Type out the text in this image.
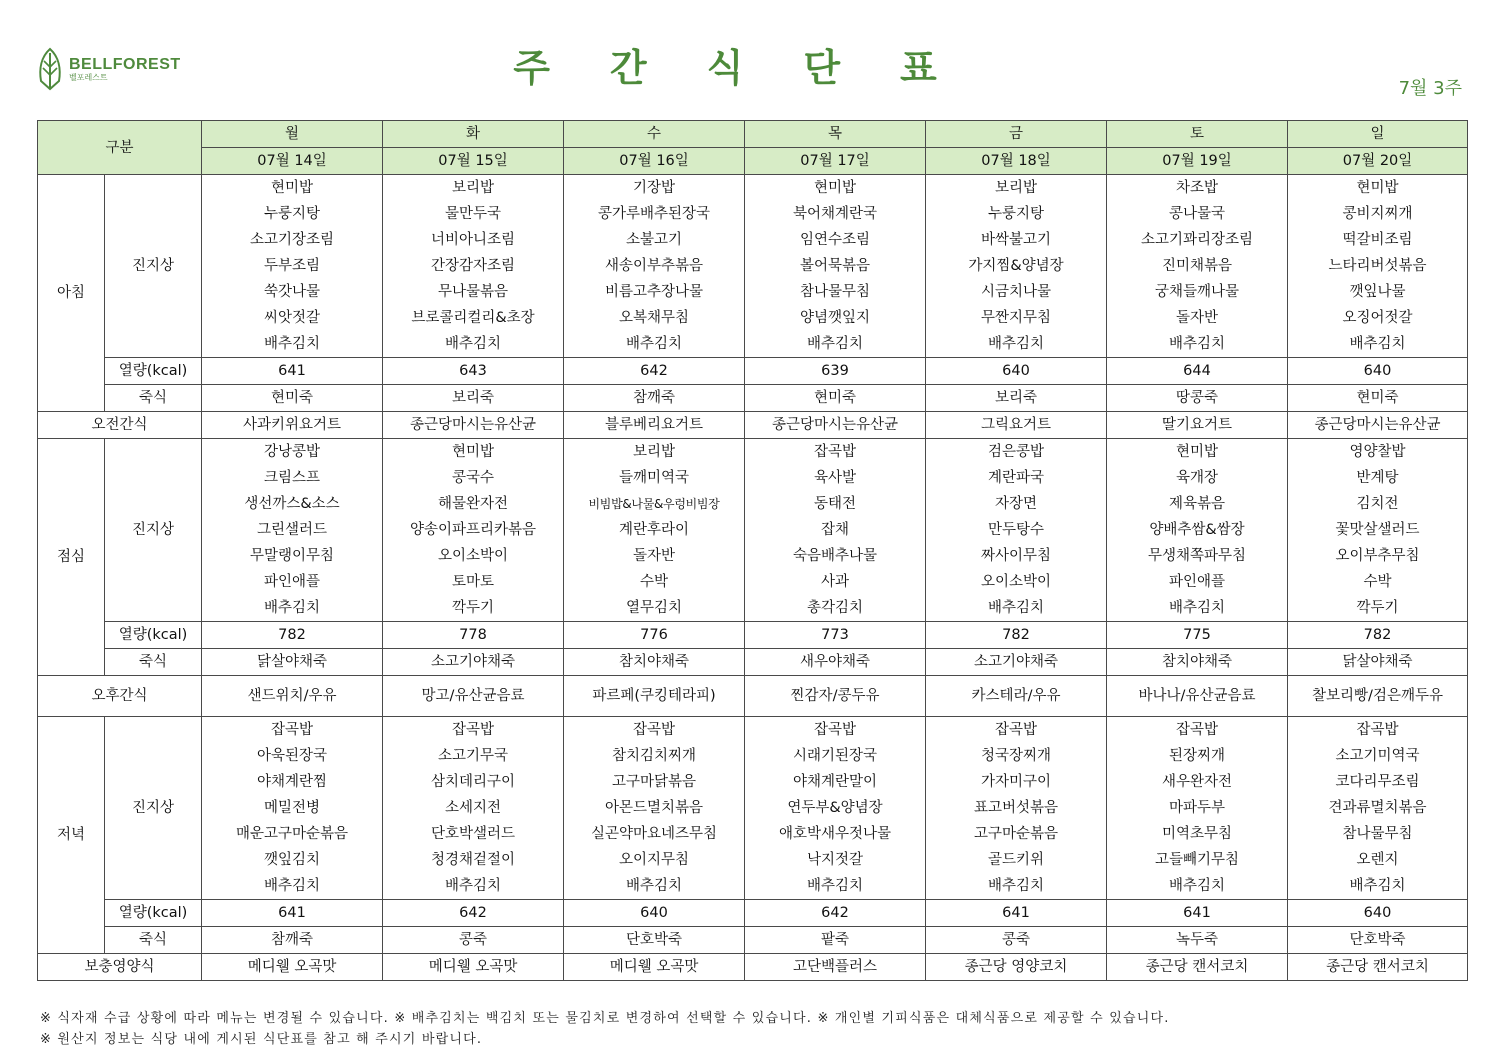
BELLFOREST
벨포레스트	주간식단표	7월 3주
구분		월	화	수	목	금	토	일
		07월 14일	07월 15일	07월 16일	07월 17일	07월 18일	07월 19일	07월 20일
아침	진지상	현미밥	보리밥	기장밥	현미밥	보리밥	차조밥	현미밥
		누룽지탕	물만두국	콩가루배추된장국	북어채계란국	누룽지탕	콩나물국	콩비지찌개
		소고기장조림	너비아니조림	소불고기	임연수조림	바싹불고기	소고기꽈리장조림	떡갈비조림
		두부조림	간장감자조림	새송이부추볶음	볼어묵볶음	가지찜&양념장	진미채볶음	느타리버섯볶음
		쑥갓나물	무나물볶음	비름고추장나물	참나물무침	시금치나물	궁채들깨나물	깻잎나물
		씨앗젓갈	브로콜리컬리&초장	오복채무침	양념깻잎지	무짠지무침	돌자반	오징어젓갈
		배추김치	배추김치	배추김치	배추김치	배추김치	배추김치	배추김치
	열량(kcal)	641	643	642	639	640	644	640
	죽식	현미죽	보리죽	참깨죽	현미죽	보리죽	땅콩죽	현미죽
오전간식		사과키위요거트	종근당마시는유산균	블루베리요거트	종근당마시는유산균	그릭요거트	딸기요거트	종근당마시는유산균
점심	진지상	강낭콩밥	현미밥	보리밥	잡곡밥	검은콩밥	현미밥	영양찰밥
		크림스프	콩국수	들깨미역국	육사발	계란파국	육개장	반계탕
		생선까스&소스	해물완자전	비빔밥&나물&우렁비빔장	동태전	자장면	제육볶음	김치전
		그린샐러드	양송이파프리카볶음	계란후라이	잡채	만두탕수	양배추쌈&쌈장	꽃맛살샐러드
		무말랭이무침	오이소박이	돌자반	숙음배추나물	짜사이무침	무생채쪽파무침	오이부추무침
		파인애플	토마토	수박	사과	오이소박이	파인애플	수박
		배추김치	깍두기	열무김치	총각김치	배추김치	배추김치	깍두기
	열량(kcal)	782	778	776	773	782	775	782
	죽식	닭살야채죽	소고기야채죽	참치야채죽	새우야채죽	소고기야채죽	참치야채죽	닭살야채죽
오후간식		샌드위치/우유	망고/유산균음료	파르페(쿠킹테라피)	찐감자/콩두유	카스테라/우유	바나나/유산균음료	찰보리빵/검은깨두유
저녁	진지상	잡곡밥	잡곡밥	잡곡밥	잡곡밥	잡곡밥	잡곡밥	잡곡밥
		아욱된장국	소고기무국	참치김치찌개	시래기된장국	청국장찌개	된장찌개	소고기미역국
		야채계란찜	삼치데리구이	고구마닭볶음	야채계란말이	가자미구이	새우완자전	코다리무조림
		메밀전병	소세지전	아몬드멸치볶음	연두부&양념장	표고버섯볶음	마파두부	견과류멸치볶음
		매운고구마순볶음	단호박샐러드	실곤약마요네즈무침	애호박새우젓나물	고구마순볶음	미역초무침	참나물무침
		깻잎김치	청경채겉절이	오이지무침	낙지젓갈	골드키위	고들빼기무침	오렌지
		배추김치	배추김치	배추김치	배추김치	배추김치	배추김치	배추김치
	열량(kcal)	641	642	640	642	641	641	640
	죽식	참깨죽	콩죽	단호박죽	팥죽	콩죽	녹두죽	단호박죽
보충영양식		메디웰 오곡맛	메디웰 오곡맛	메디웰 오곡맛	고단백플러스	종근당 영양코치	종근당 캔서코치	종근당 캔서코치
※ 식자재 수급 상황에 따라 메뉴는 변경될 수 있습니다. ※ 배추김치는 백김치 또는 물김치로 변경하여 선택할 수 있습니다. ※ 개인별 기피식품은 대체식품으로 제공할 수 있습니다.
※ 원산지 정보는 식당 내에 게시된 식단표를 참고 해 주시기 바랍니다.
